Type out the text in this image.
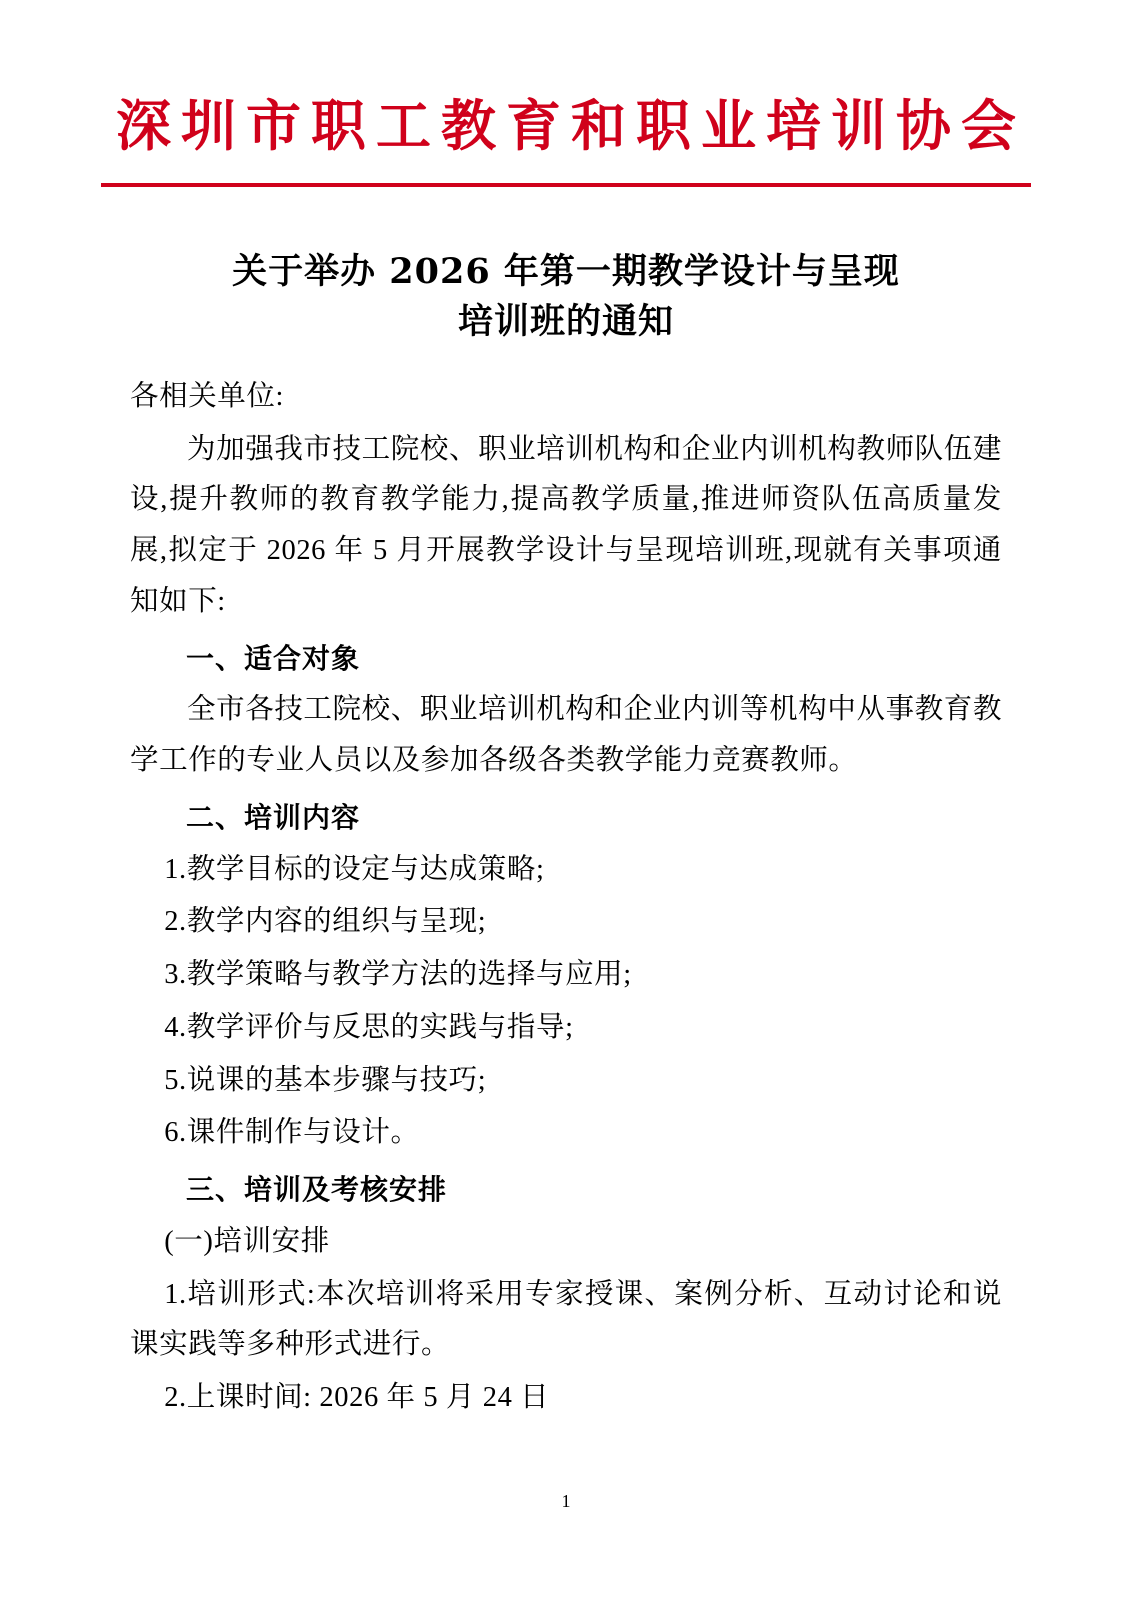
深圳市职工教育和职业培训协会
关于举办 2026 年第一期教学设计与呈现
培训班的通知

各相关单位:

为加强我市技工院校、职业培训机构和企业内训机构教师队伍建设,提升教师的教育教学能力,提高教学质量,推进师资队伍高质量发展,拟定于 2026 年 5 月开展教学设计与呈现培训班,现就有关事项通知如下:

一、适合对象

全市各技工院校、职业培训机构和企业内训等机构中从事教育教学工作的专业人员以及参加各级各类教学能力竞赛教师。

二、培训内容

1.教学目标的设定与达成策略;

2.教学内容的组织与呈现;

3.教学策略与教学方法的选择与应用;

4.教学评价与反思的实践与指导;

5.说课的基本步骤与技巧;

6.课件制作与设计。

三、培训及考核安排

(一)培训安排

1.培训形式:本次培训将采用专家授课、案例分析、互动讨论和说课实践等多种形式进行。

2.上课时间: 2026 年 5 月 24 日

1
